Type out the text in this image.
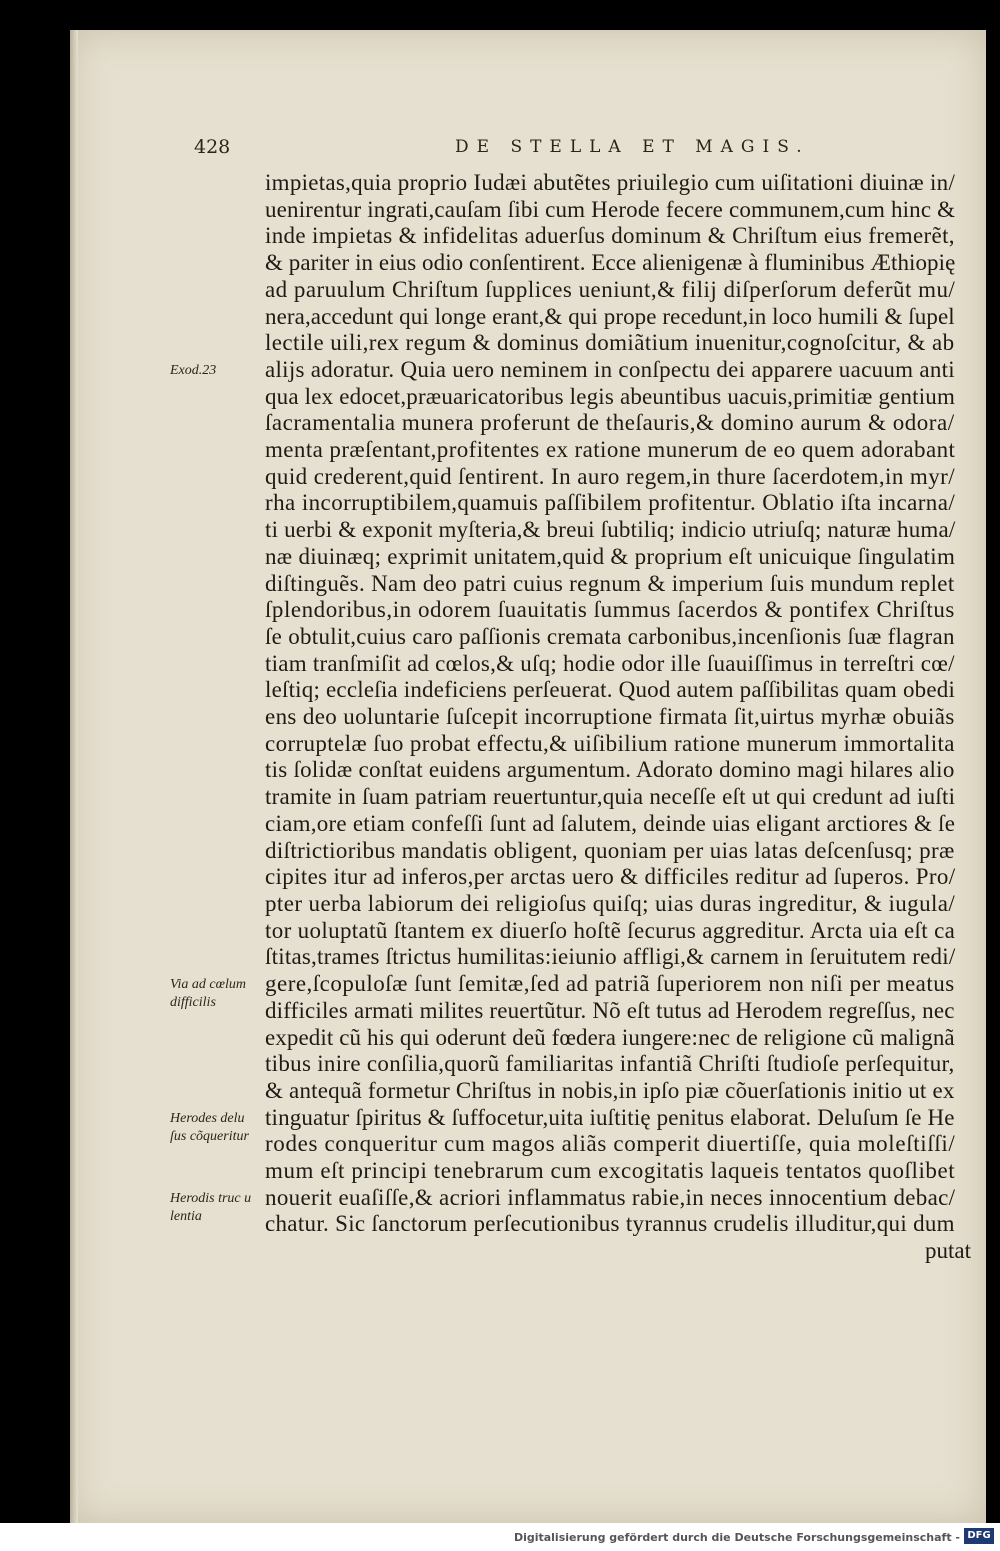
428	DE STELLA ET MAGIS.
impietas,quia proprio Iudæi abutẽtes priuilegio cum uiſitationi diuinæ in/
uenirentur ingrati,cauſam ſibi cum Herode fecere communem,cum hinc &
inde impietas & infidelitas aduerſus dominum & Chriſtum eius fremerẽt,
& pariter in eius odio conſentirent. Ecce alienigenæ à fluminibus Æthiopię
ad paruulum Chriſtum ſupplices ueniunt,& filij diſperſorum deferũt mu/
nera,accedunt qui longe erant,& qui prope recedunt,in loco humili & ſupel
lectile uili,rex regum & dominus domiãtium inuenitur,cognoſcitur, & ab
alijs adoratur. Quia uero neminem in conſpectu dei apparere uacuum anti
qua lex edocet,præuaricatoribus legis abeuntibus uacuis,primitiæ gentium
ſacramentalia munera proferunt de theſauris,& domino aurum & odora/
menta præſentant,profitentes ex ratione munerum de eo quem adorabant
quid crederent,quid ſentirent. In auro regem,in thure ſacerdotem,in myr/
rha incorruptibilem,quamuis paſſibilem profitentur. Oblatio iſta incarna/
ti uerbi & exponit myſteria,& breui ſubtiliq; indicio utriuſq; naturæ huma/
næ diuinæq; exprimit unitatem,quid & proprium eſt unicuique ſingulatim
diſtinguẽs. Nam deo patri cuius regnum & imperium ſuis mundum replet
ſplendoribus,in odorem ſuauitatis ſummus ſacerdos & pontifex Chriſtus
ſe obtulit,cuius caro paſſionis cremata carbonibus,incenſionis ſuæ flagran
tiam tranſmiſit ad cœlos,& uſq; hodie odor ille ſuauiſſimus in terreſtri cœ/
leſtiq; eccleſia indeficiens perſeuerat. Quod autem paſſibilitas quam obedi
ens deo uoluntarie ſuſcepit incorruptione firmata ſit,uirtus myrhæ obuiãs
corruptelæ ſuo probat effectu,& uiſibilium ratione munerum immortalita
tis ſolidæ conſtat euidens argumentum. Adorato domino magi hilares alio
tramite in ſuam patriam reuertuntur,quia neceſſe eſt ut qui credunt ad iuſti
ciam,ore etiam confeſſi ſunt ad ſalutem, deinde uias eligant arctiores & ſe
diſtrictioribus mandatis obligent, quoniam per uias latas deſcenſusq; præ
cipites itur ad inferos,per arctas uero & difficiles reditur ad ſuperos. Pro/
pter uerba labiorum dei religioſus quiſq; uias duras ingreditur, & iugula/
tor uoluptatũ ſtantem ex diuerſo hoſtẽ ſecurus aggreditur. Arcta uia eſt ca
ſtitas,trames ſtrictus humilitas:ieiunio affligi,& carnem in ſeruitutem redi/
gere,ſcopuloſæ ſunt ſemitæ,ſed ad patriã ſuperiorem non niſi per meatus
difficiles armati milites reuertũtur. Nõ eſt tutus ad Herodem regreſſus, nec
expedit cũ his qui oderunt deũ fœdera iungere:nec de religione cũ malignã
tibus inire conſilia,quorũ familiaritas infantiã Chriſti ſtudioſe perſequitur,
& antequã formetur Chriſtus in nobis,in ipſo piæ cõuerſationis initio ut ex
tinguatur ſpiritus & ſuffocetur,uita iuſtitię penitus elaborat. Deluſum ſe He
rodes conqueritur cum magos aliãs comperit diuertiſſe, quia moleſtiſſi/
mum eſt principi tenebrarum cum excogitatis laqueis tentatos quoſlibet
nouerit euaſiſſe,& acriori inflammatus rabie,in neces innocentium debac/
chatur. Sic ſanctorum perſecutionibus tyrannus crudelis illuditur,qui dum
putat
Exod.23
Via ad cœlum difficilis
Herodes delu ſus cõqueritur
Herodis truc u lentia
Digitalisierung gefördert durch die Deutsche Forschungsgemeinschaft - DFG
